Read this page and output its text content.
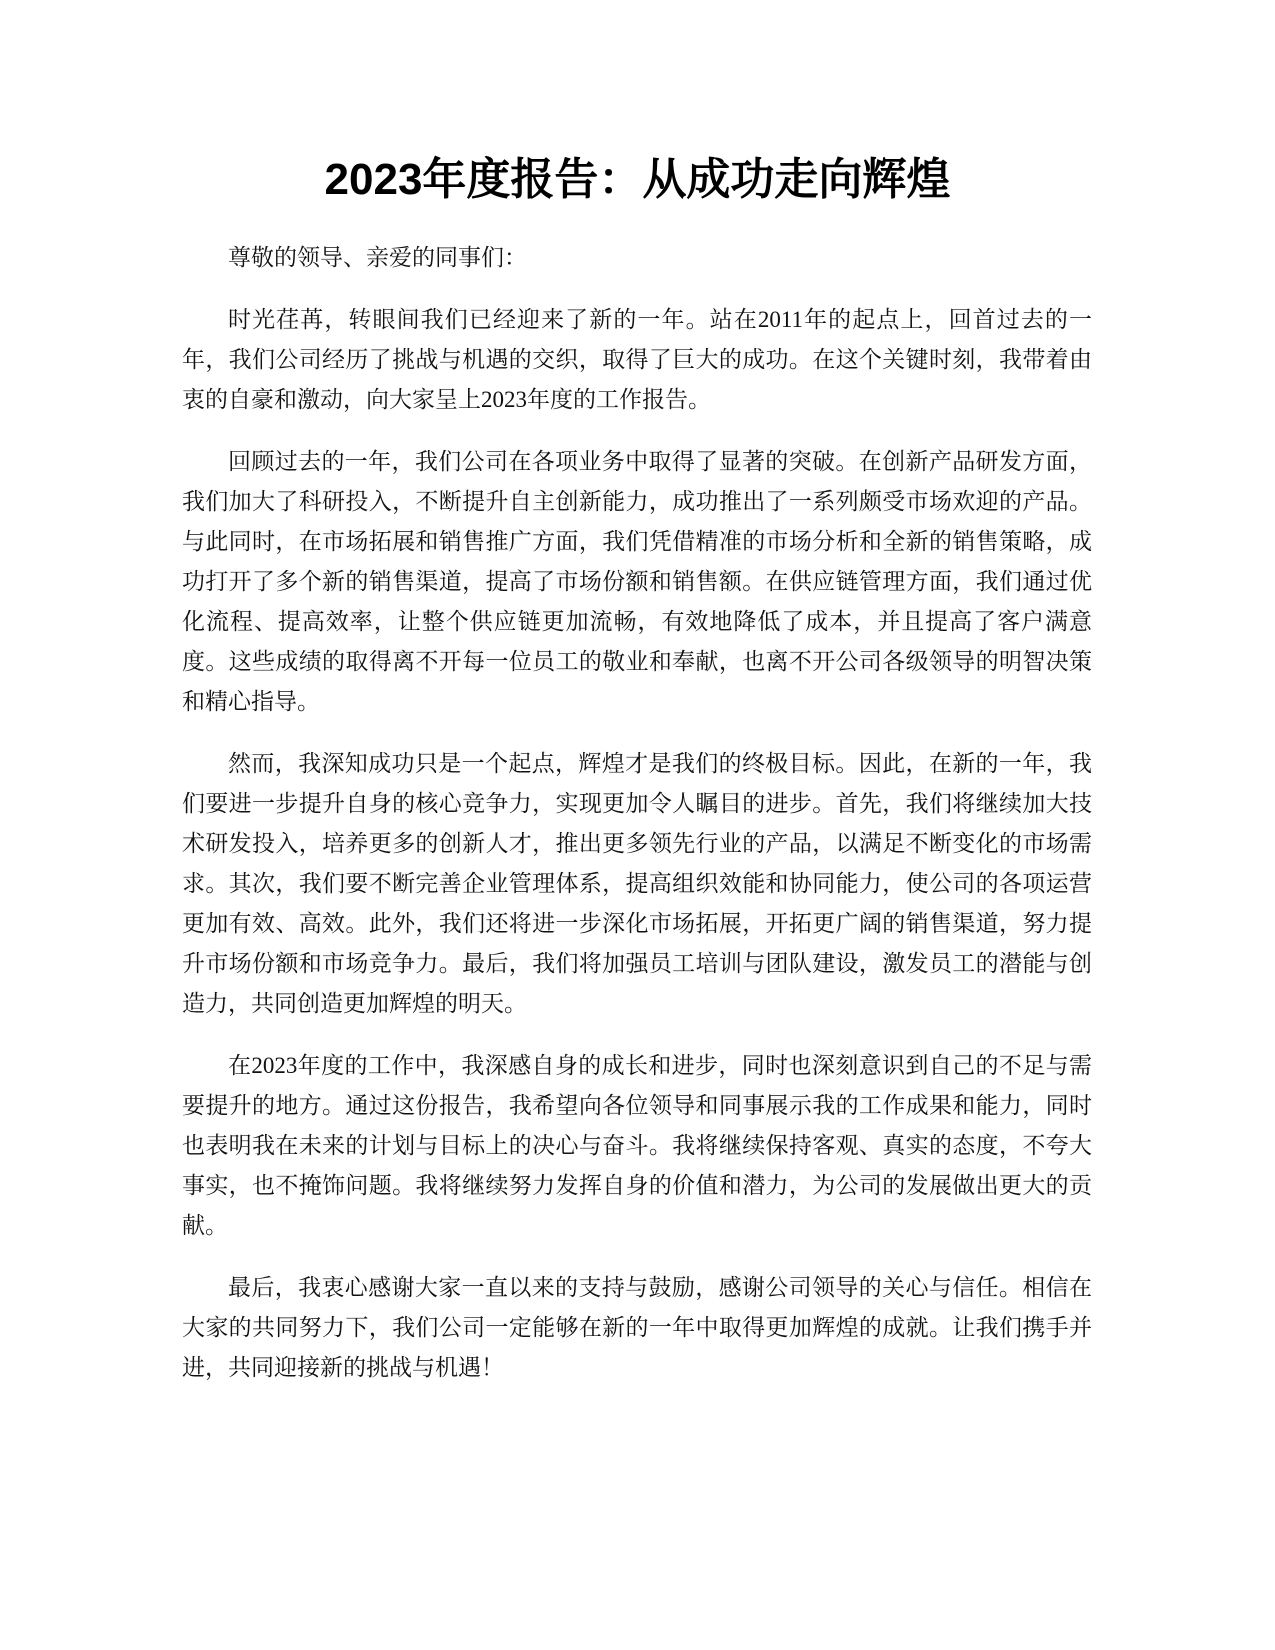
2023年度报告：从成功走向辉煌

尊敬的领导、亲爱的同事们：

时光荏苒，转眼间我们已经迎来了新的一年。站在2011年的起点上，回首过去的一年，我们公司经历了挑战与机遇的交织，取得了巨大的成功。在这个关键时刻，我带着由衷的自豪和激动，向大家呈上2023年度的工作报告。

回顾过去的一年，我们公司在各项业务中取得了显著的突破。在创新产品研发方面，我们加大了科研投入，不断提升自主创新能力，成功推出了一系列颇受市场欢迎的产品。与此同时，在市场拓展和销售推广方面，我们凭借精准的市场分析和全新的销售策略，成功打开了多个新的销售渠道，提高了市场份额和销售额。在供应链管理方面，我们通过优化流程、提高效率，让整个供应链更加流畅，有效地降低了成本，并且提高了客户满意度。这些成绩的取得离不开每一位员工的敬业和奉献，也离不开公司各级领导的明智决策和精心指导。

然而，我深知成功只是一个起点，辉煌才是我们的终极目标。因此，在新的一年，我们要进一步提升自身的核心竞争力，实现更加令人瞩目的进步。首先，我们将继续加大技术研发投入，培养更多的创新人才，推出更多领先行业的产品，以满足不断变化的市场需求。其次，我们要不断完善企业管理体系，提高组织效能和协同能力，使公司的各项运营更加有效、高效。此外，我们还将进一步深化市场拓展，开拓更广阔的销售渠道，努力提升市场份额和市场竞争力。最后，我们将加强员工培训与团队建设，激发员工的潜能与创造力，共同创造更加辉煌的明天。

在2023年度的工作中，我深感自身的成长和进步，同时也深刻意识到自己的不足与需要提升的地方。通过这份报告，我希望向各位领导和同事展示我的工作成果和能力，同时也表明我在未来的计划与目标上的决心与奋斗。我将继续保持客观、真实的态度，不夸大事实，也不掩饰问题。我将继续努力发挥自身的价值和潜力，为公司的发展做出更大的贡献。

最后，我衷心感谢大家一直以来的支持与鼓励，感谢公司领导的关心与信任。相信在大家的共同努力下，我们公司一定能够在新的一年中取得更加辉煌的成就。让我们携手并进，共同迎接新的挑战与机遇！
